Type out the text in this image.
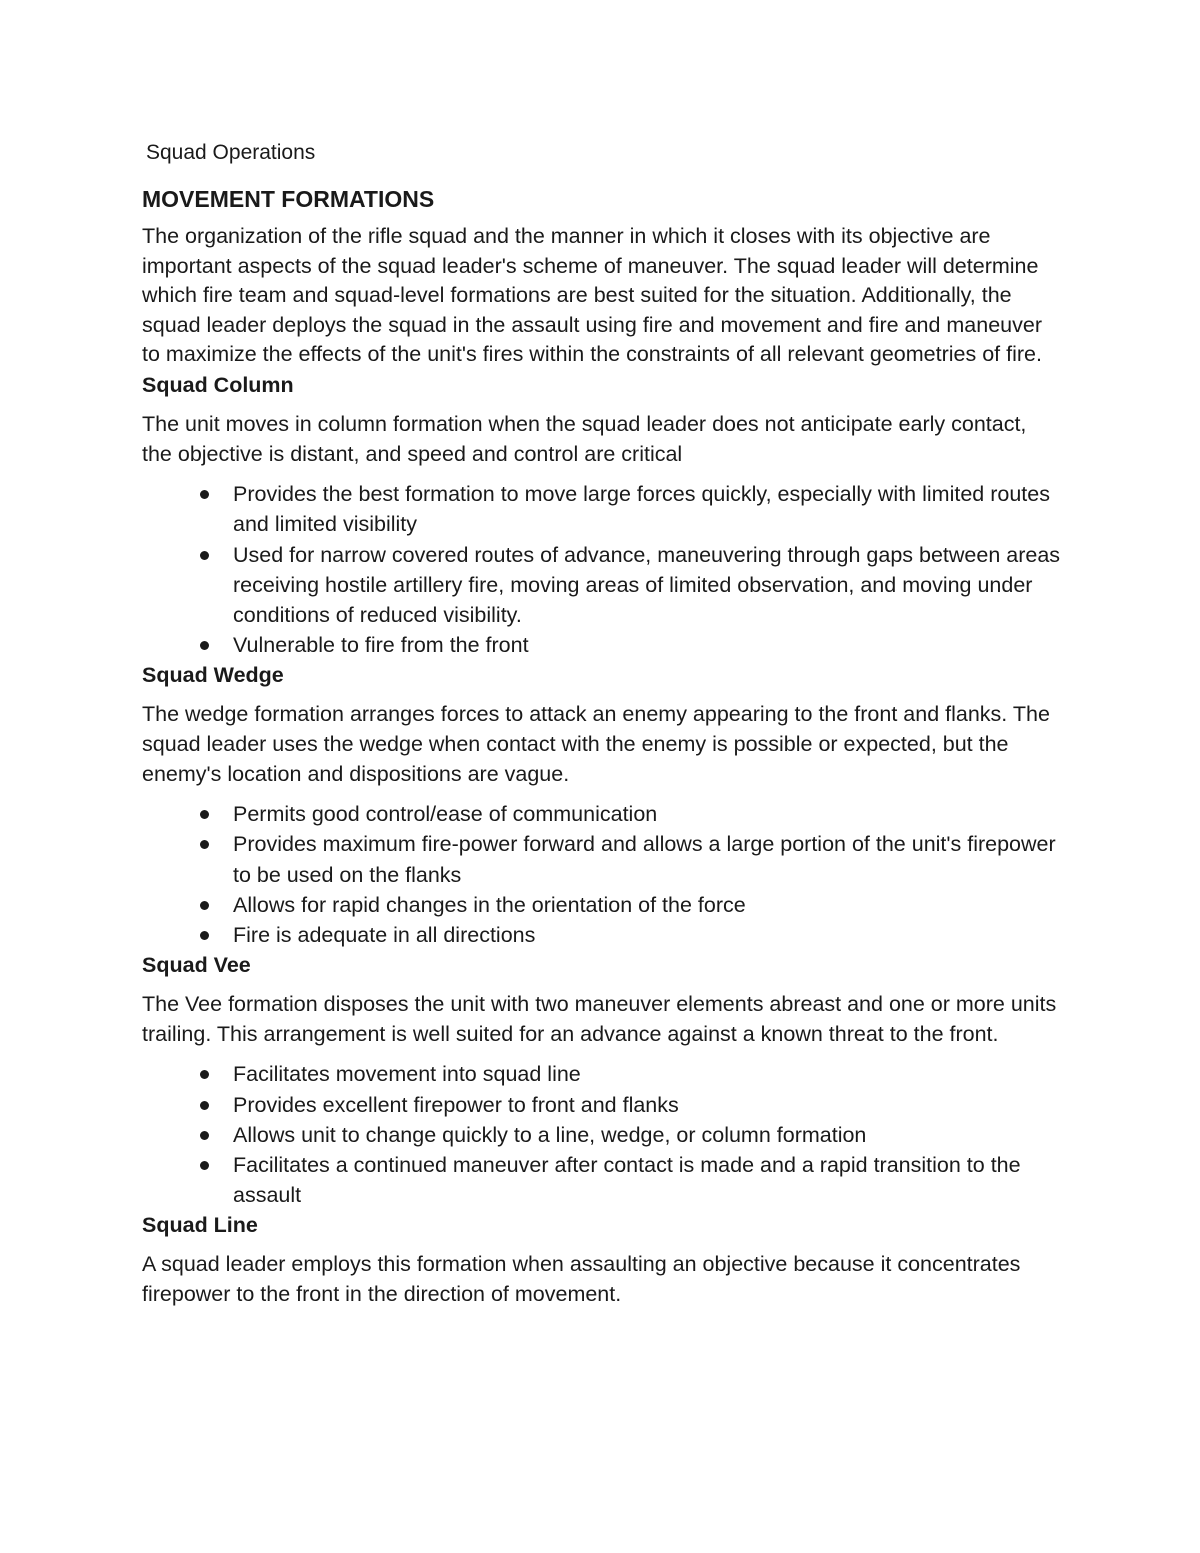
Squad Operations

MOVEMENT FORMATIONS

The organization of the rifle squad and the manner in which it closes with its objective are important aspects of the squad leader's scheme of maneuver. The squad leader will determine which fire team and squad-level formations are best suited for the situation. Additionally, the squad leader deploys the squad in the assault using fire and movement and fire and maneuver to maximize the effects of the unit's fires within the constraints of all relevant geometries of fire.

Squad Column

The unit moves in column formation when the squad leader does not anticipate early contact, the objective is distant, and speed and control are critical

Provides the best formation to move large forces quickly, especially with limited routes and limited visibility
Used for narrow covered routes of advance, maneuvering through gaps between areas receiving hostile artillery fire, moving areas of limited observation, and moving under conditions of reduced visibility.
Vulnerable to fire from the front
Squad Wedge

The wedge formation arranges forces to attack an enemy appearing to the front and flanks. The squad leader uses the wedge when contact with the enemy is possible or expected, but the enemy's location and dispositions are vague.

Permits good control/ease of communication
Provides maximum fire-power forward and allows a large portion of the unit's firepower to be used on the flanks
Allows for rapid changes in the orientation of the force
Fire is adequate in all directions
Squad Vee

The Vee formation disposes the unit with two maneuver elements abreast and one or more units trailing. This arrangement is well suited for an advance against a known threat to the front.

Facilitates movement into squad line
Provides excellent firepower to front and flanks
Allows unit to change quickly to a line, wedge, or column formation
Facilitates a continued maneuver after contact is made and a rapid transition to the assault
Squad Line

A squad leader employs this formation when assaulting an objective because it concentrates firepower to the front in the direction of movement.
